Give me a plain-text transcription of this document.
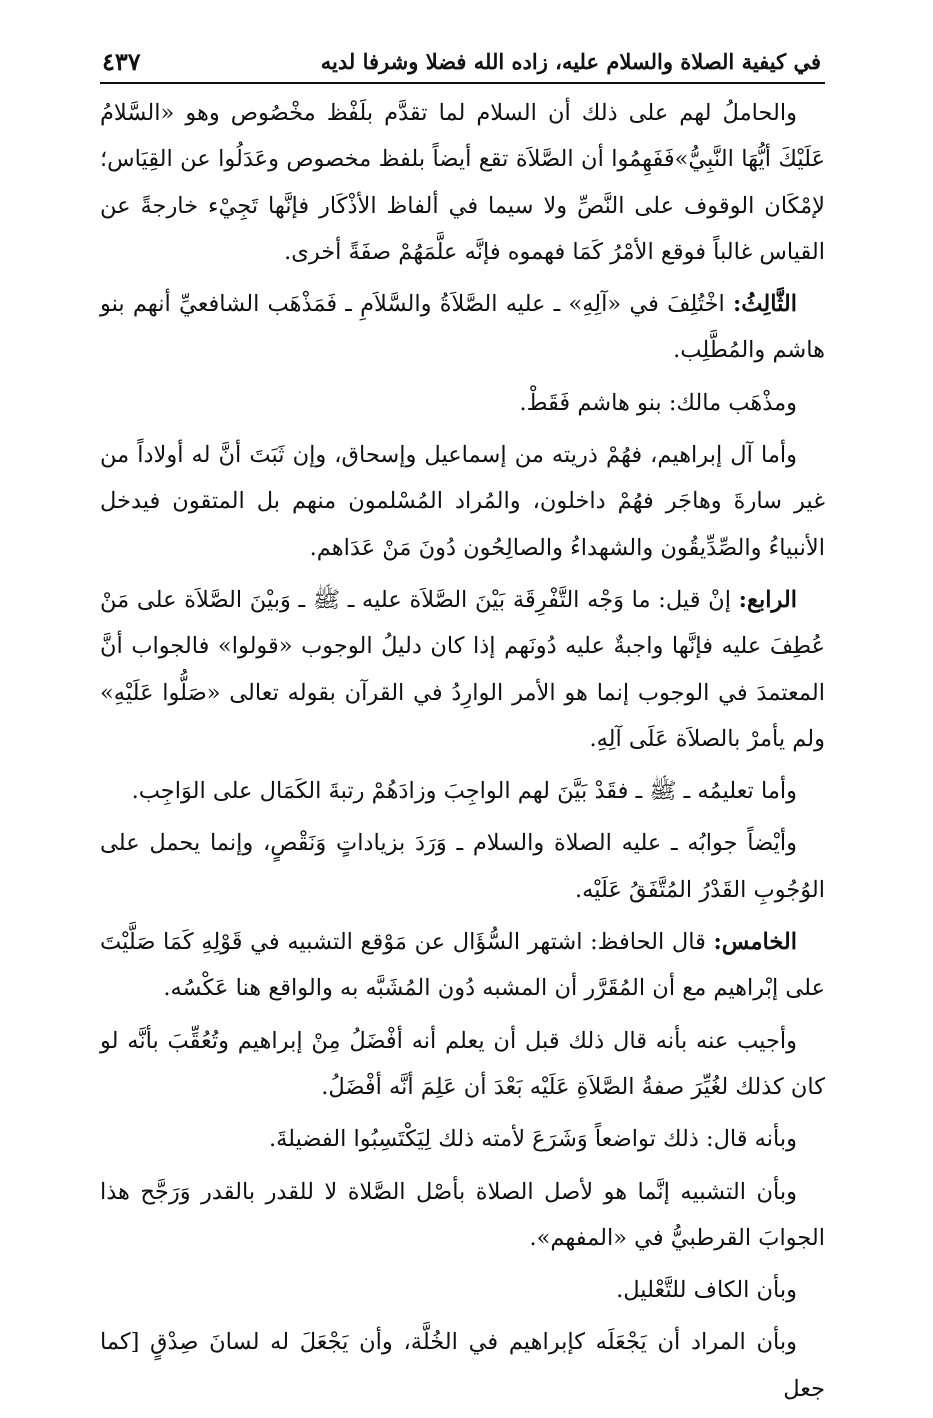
في كيفية الصلاة والسلام عليه، زاده الله فضلا وشرفا لديه
٤٣٧

والحاملُ لهم على ذلك أن السلام لما تقدَّم بلَفْظ مخْصُوص وهو «السَّلامُ عَلَيْكَ أيُّهَا النَّبِيُّ»فَفَهِمُوا أن الصَّلاَة تقع أيضاً بلفظ مخصوص وعَدَلُوا عن القِيَاس؛ لإمْكَان الوقوف على النَّصِّ ولا سيما في ألفاظ الأذْكَار فإنَّها تَجِيْء خارجةً عن القياس غالباً فوقع الأمْرُ كَمَا فهموه فإنَّه علَّمَهُمْ صفَةً أخرى.

الثَّالِثُ: اخْتُلِفَ في «آلِهِ» ـ عليه الصَّلاَةُ والسَّلاَمِ ـ فَمَذْهَب الشافعيِّ أنهم بنو هاشم والمُطَّلِب.

ومذْهَب مالك: بنو هاشم فَقَطْ.

وأما آل إبراهيم، فهُمْ ذريته من إسماعيل وإسحاق، وإن ثَبَتَ أنَّ له أولاداً من غير سارةَ وهاجَر فهُمْ داخلون، والمُراد المُسْلمون منهم بل المتقون فيدخل الأنبياءُ والصِّدِّيقُون والشهداءُ والصالِحُون دُونَ مَنْ عَدَاهم.

الرابع: إنْ قيل: ما وَجْه التَّفْرِقَة بَيْنَ الصَّلاَة عليه ـ ﷺ ـ وَبيْنَ الصَّلاَة على مَنْ عُطِفَ عليه فإنَّها واجبةٌ عليه دُونَهم إذا كان دليلُ الوجوب «قولوا» فالجواب أنَّ المعتمدَ في الوجوب إنما هو الأمر الوارِدُ في القرآن بقوله تعالى «صَلُّوا عَلَيْهِ» ولم يأمرْ بالصلاَة عَلَى آلِهِ.

وأما تعليمُه ـ ﷺ ـ فقَدْ بَيَّنَ لهم الواجِبَ وزادَهُمْ رتبةَ الكَمَال على الوَاجِب.

وأيْضاً جوابُه ـ عليه الصلاة والسلام ـ وَرَدَ بزياداتٍ وَنَقْصٍ، وإنما يحمل على الوُجُوبِ القَدْرُ المُتَّفَقُ عَلَيْه.

الخامس: قال الحافظ: اشتهر السُّؤَال عن مَوْقع التشبيه في قَوْلِهِ كَمَا صَلَّيْتَ على إبْراهيم مع أن المُقَرَّر أن المشبه دُون المُشَبَّه به والواقع هنا عَكْسُه.

وأجيب عنه بأنه قال ذلك قبل أن يعلم أنه أفْضَلُ مِنْ إبراهيم وتُعُقِّبَ بأنَّه لو كان كذلك لغُيِّرَ صفةُ الصَّلاَةِ عَلَيْه بَعْدَ أن عَلِمَ أنَّه أفْضَلُ.

وبأنه قال: ذلك تواضعاً وَشَرَعَ لأمته ذلك لِيَكْتَسِبُوا الفضيلةَ.

وبأن التشبيه إنَّما هو لأصل الصلاة بأصْل الصَّلاة لا للقدر بالقدر وَرَجَّح هذا الجوابَ القرطبيُّ في «المفهم».

وبأن الكاف للتَّعْليل.

وبأن المراد أن يَجْعَلَه كإبراهيم في الخُلَّة، وأن يَجْعَلَ له لسانَ صِدْقٍ [كما جعل
